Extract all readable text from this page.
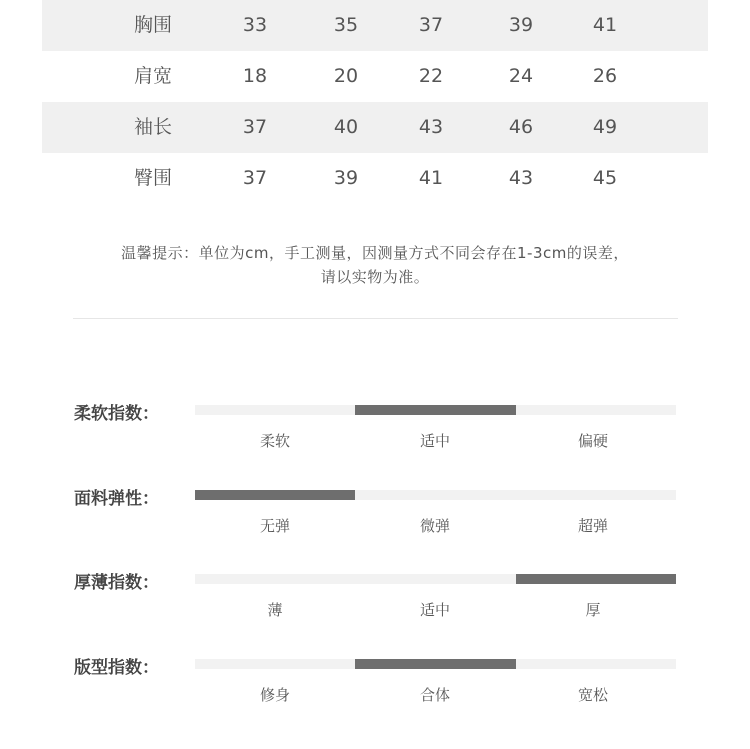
胸围	33	35	37	39	41
肩宽	18	20	22	24	26
袖长	37	40	43	46	49
臀围	37	39	41	43	45
温馨提示：单位为cm，手工测量，因测量方式不同会存在1-3cm的误差，
请以实物为准。
柔软指数：
柔软	适中	偏硬
面料弹性：
无弹	微弹	超弹
厚薄指数：
薄	适中	厚
版型指数：
修身	合体	宽松
